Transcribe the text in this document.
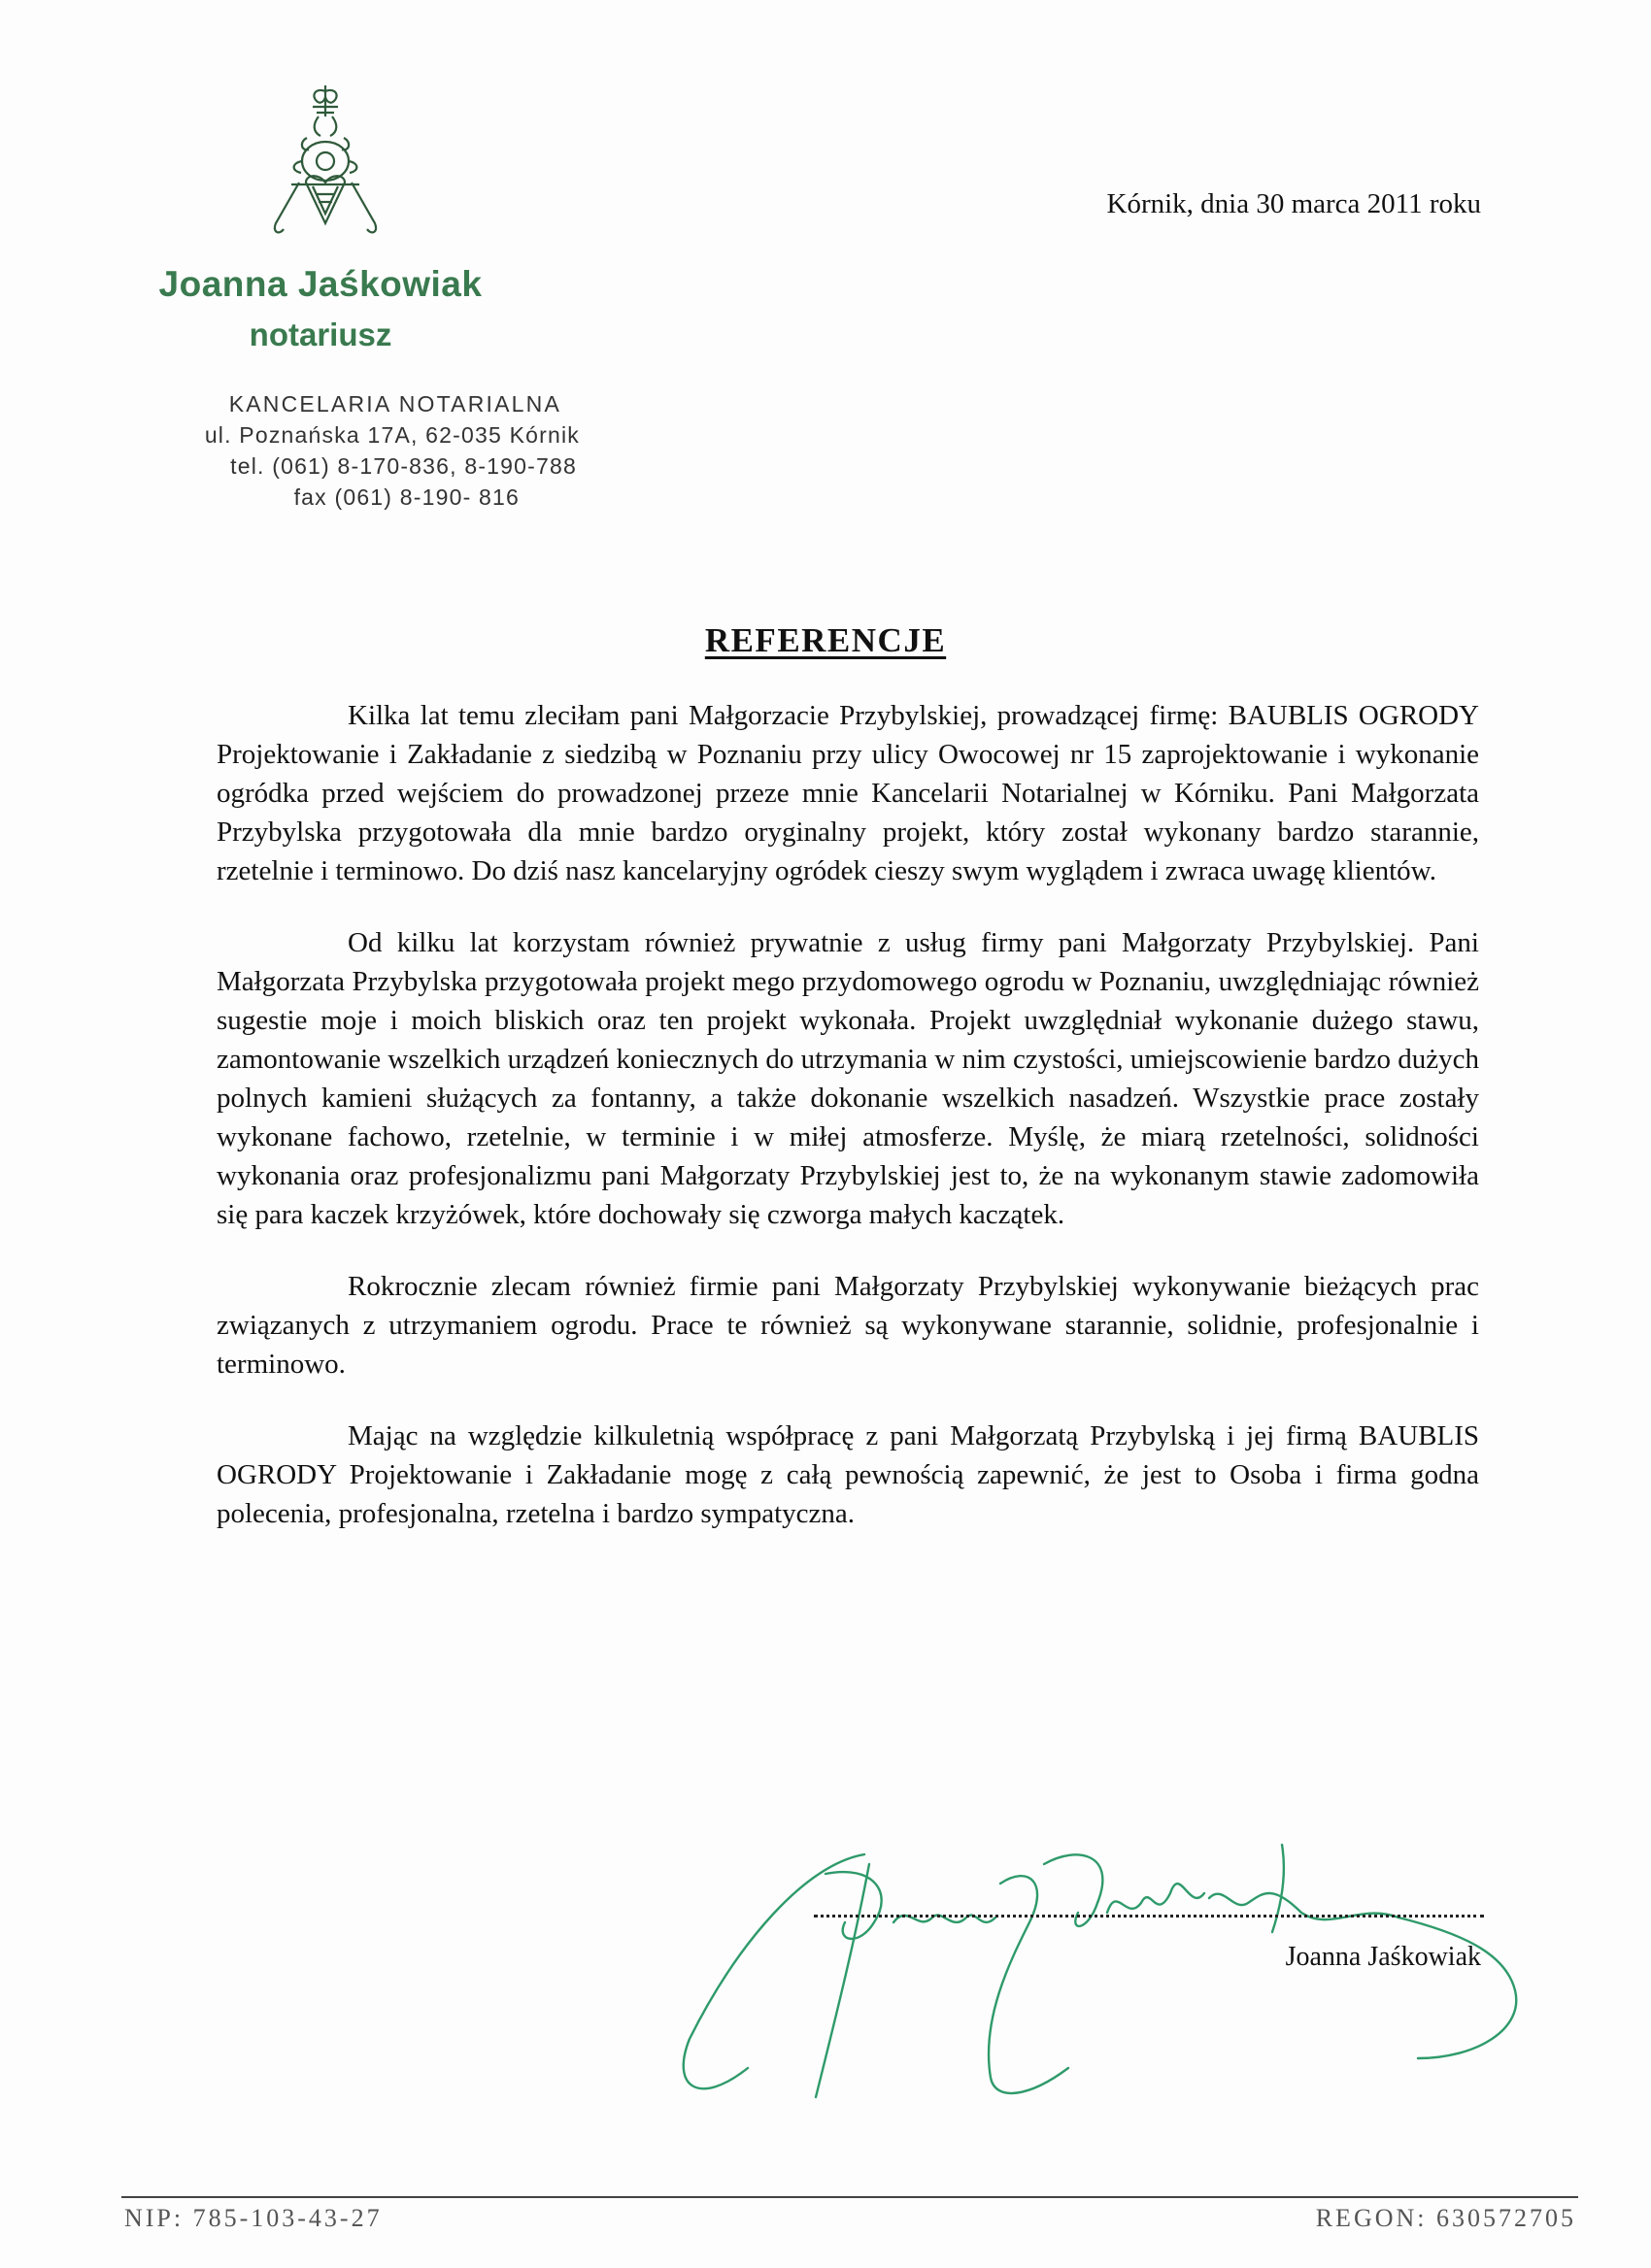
Joanna Jaśkowiak
notariusz
KANCELARIA NOTARIALNA
ul. Poznańska 17A, 62-035 Kórnik
tel. (061) 8-170-836, 8-190-788
fax (061) 8-190- 816
Kórnik, dnia 30 marca 2011 roku
REFERENCJE

Kilka lat temu zleciłam pani Małgorzacie Przybylskiej, prowadzącej firmę: BAUBLIS OGRODY Projektowanie i Zakładanie z siedzibą w Poznaniu przy ulicy Owocowej nr 15 zaprojektowanie i wykonanie ogródka przed wejściem do prowadzonej przeze mnie Kancelarii Notarialnej w Kórniku. Pani Małgorzata Przybylska przygotowała dla mnie bardzo oryginalny projekt, który został wykonany bardzo starannie, rzetelnie i terminowo. Do dziś nasz kancelaryjny ogródek cieszy swym wyglądem i zwraca uwagę klientów.

Od kilku lat korzystam również prywatnie z usług firmy pani Małgorzaty Przybylskiej. Pani Małgorzata Przybylska przygotowała projekt mego przydomowego ogrodu w Poznaniu, uwzględniając również sugestie moje i moich bliskich oraz ten projekt wykonała. Projekt uwzględniał wykonanie dużego stawu, zamontowanie wszelkich urządzeń koniecznych do utrzymania w nim czystości, umiejscowienie bardzo dużych polnych kamieni służących za fontanny, a także dokonanie wszelkich nasadzeń. Wszystkie prace zostały wykonane fachowo, rzetelnie, w terminie i w miłej atmosferze. Myślę, że miarą rzetelności, solidności wykonania oraz profesjonalizmu pani Małgorzaty Przybylskiej jest to, że na wykonanym stawie zadomowiła się para kaczek krzyżówek, które dochowały się czworga małych kaczątek.

Rokrocznie zlecam również firmie pani Małgorzaty Przybylskiej wykonywanie bieżących prac związanych z utrzymaniem ogrodu. Prace te również są wykonywane starannie, solidnie, profesjonalnie i terminowo.

Mając na względzie kilkuletnią współpracę z pani Małgorzatą Przybylską i jej firmą BAUBLIS OGRODY Projektowanie i Zakładanie mogę z całą pewnością zapewnić, że jest to Osoba i firma godna polecenia, profesjonalna, rzetelna i bardzo sympatyczna.

Joanna Jaśkowiak
NIP: 785-103-43-27	REGON: 630572705
